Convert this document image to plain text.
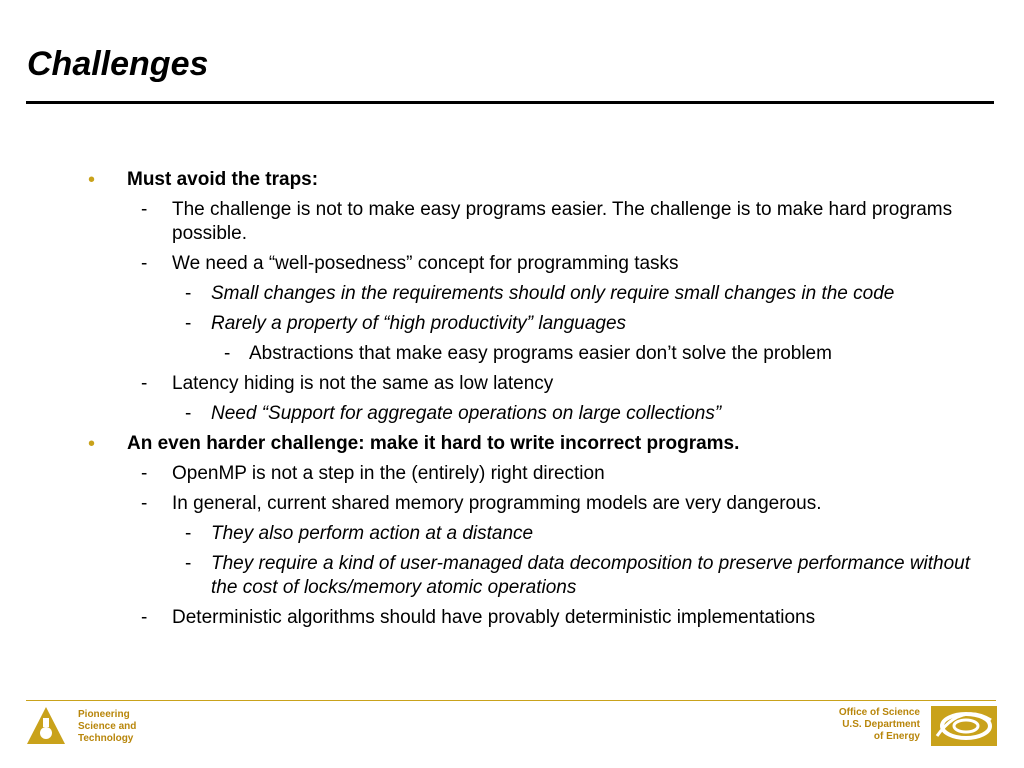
Challenges
• Must avoid the traps:
- The challenge is not to make easy programs easier. The challenge is to make hard programs possible.
- We need a “well-posedness” concept for programming tasks
- Small changes in the requirements should only require small changes in the code
- Rarely a property of “high productivity” languages
- Abstractions that make easy programs easier don’t solve the problem
- Latency hiding is not the same as low latency
- Need “Support for aggregate operations on large collections”
• An even harder challenge: make it hard to write incorrect programs.
- OpenMP is not a step in the (entirely) right direction
- In general, current shared memory programming models are very dangerous.
- They also perform action at a distance
- They require a kind of user-managed data decomposition to preserve performance without the cost of locks/memory atomic operations
- Deterministic algorithms should have provably deterministic implementations
Pioneering
Science and
Technology
Office of Science
U.S. Department
of Energy
